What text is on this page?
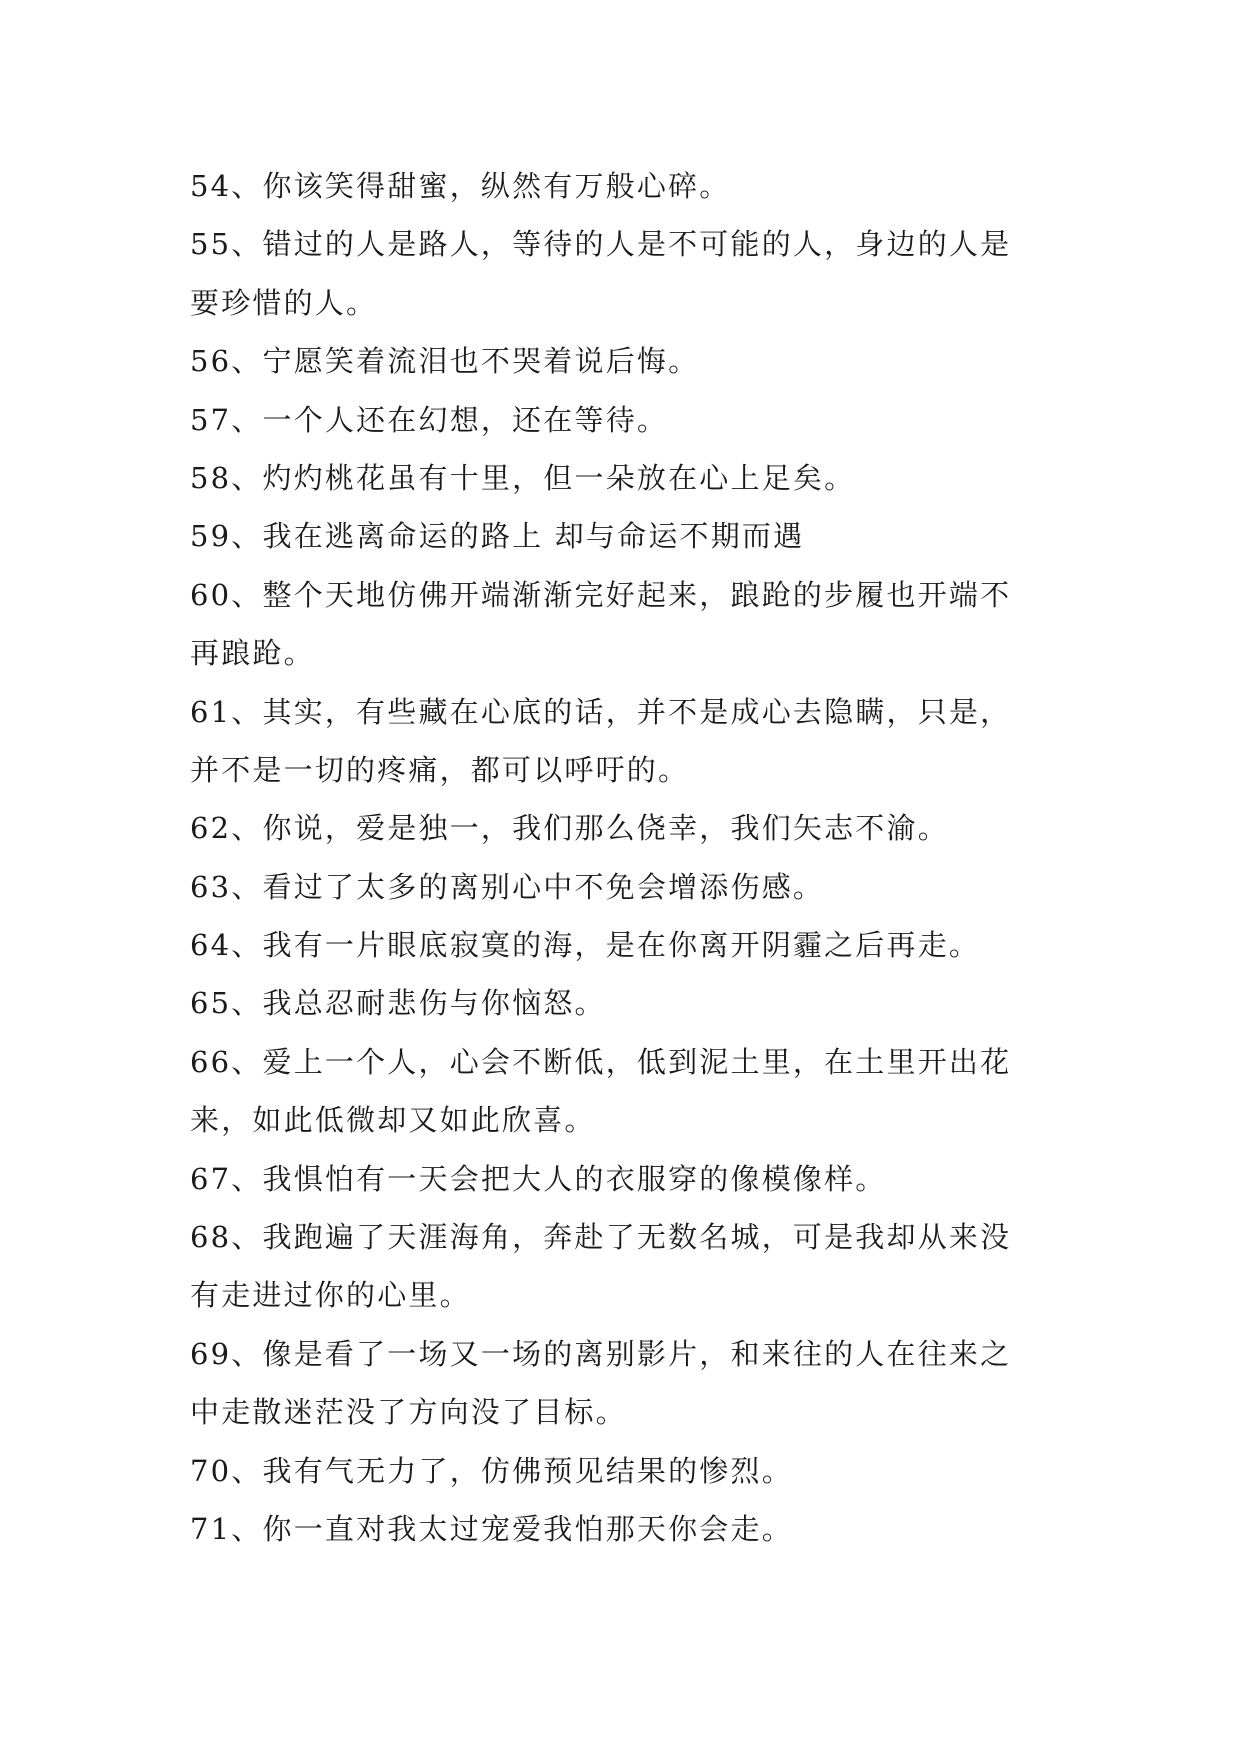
54、你该笑得甜蜜，纵然有万般心碎。
55、错过的人是路人，等待的人是不可能的人，身边的人是
要珍惜的人。
56、宁愿笑着流泪也不哭着说后悔。
57、一个人还在幻想，还在等待。
58、灼灼桃花虽有十里，但一朵放在心上足矣。
59、我在逃离命运的路上 却与命运不期而遇
60、整个天地仿佛开端渐渐完好起来，踉跄的步履也开端不
再踉跄。
61、其实，有些藏在心底的话，并不是成心去隐瞒，只是，
并不是一切的疼痛，都可以呼吁的。
62、你说，爱是独一，我们那么侥幸，我们矢志不渝。
63、看过了太多的离别心中不免会增添伤感。
64、我有一片眼底寂寞的海，是在你离开阴霾之后再走。
65、我总忍耐悲伤与你恼怒。
66、爱上一个人，心会不断低，低到泥土里，在土里开出花
来，如此低微却又如此欣喜。
67、我惧怕有一天会把大人的衣服穿的像模像样。
68、我跑遍了天涯海角，奔赴了无数名城，可是我却从来没
有走进过你的心里。
69、像是看了一场又一场的离别影片，和来往的人在往来之
中走散迷茫没了方向没了目标。
70、我有气无力了，仿佛预见结果的惨烈。
71、你一直对我太过宠爱我怕那天你会走。
